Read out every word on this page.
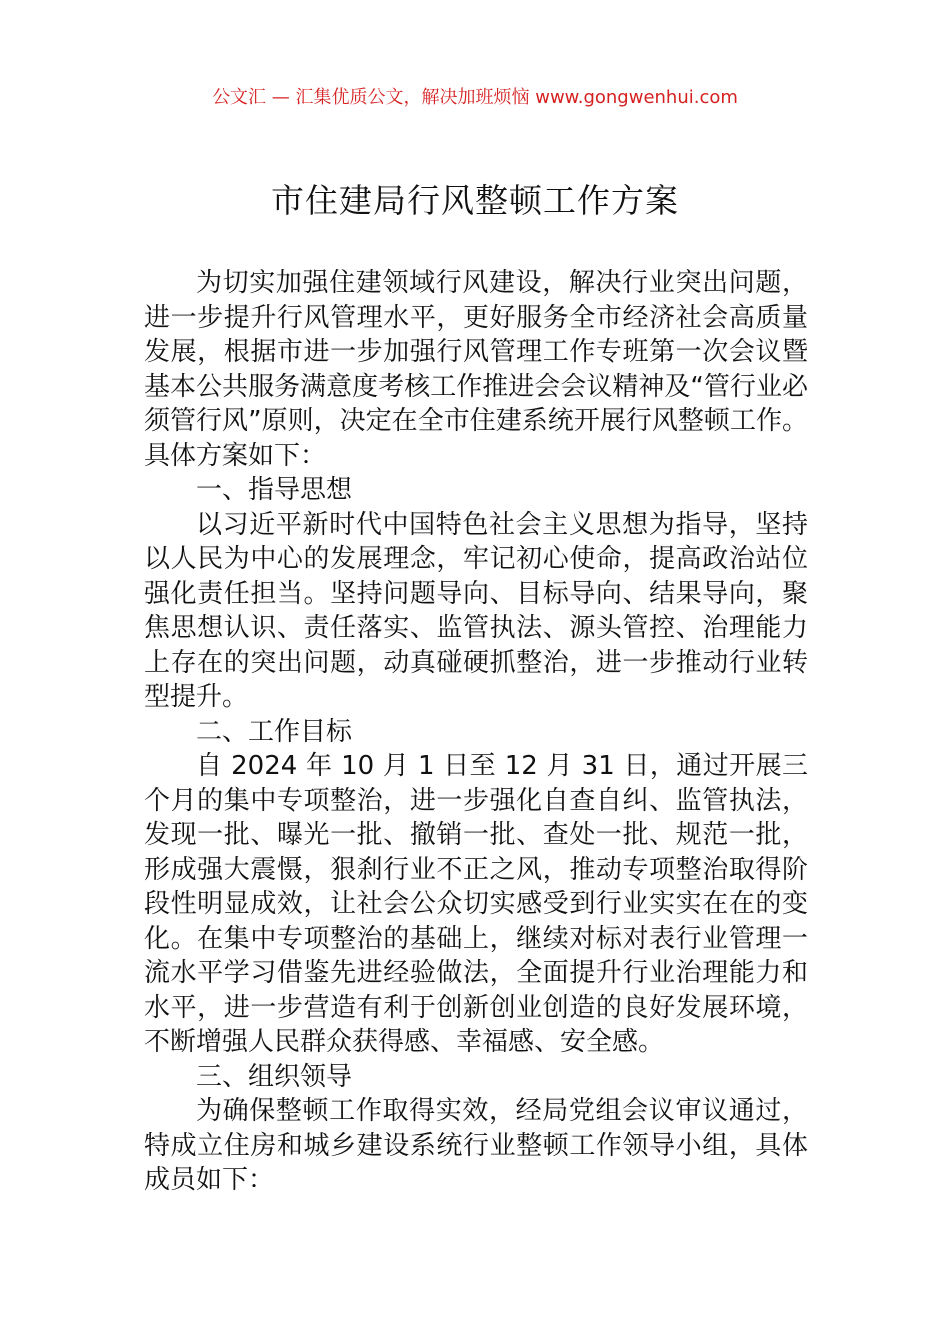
公文汇 — 汇集优质公文，解决加班烦恼 www.gongwenhui.com
市住建局行风整顿工作方案

为切实加强住建领域行风建设，解决行业突出问题，进一步提升行风管理水平，更好服务全市经济社会高质量发展，根据市进一步加强行风管理工作专班第一次会议暨基本公共服务满意度考核工作推进会会议精神及“管行业必须管行风”原则，决定在全市住建系统开展行风整顿工作。具体方案如下：

一、指导思想

以习近平新时代中国特色社会主义思想为指导，坚持以人民为中心的发展理念，牢记初心使命，提高政治站位强化责任担当。坚持问题导向、目标导向、结果导向，聚焦思想认识、责任落实、监管执法、源头管控、治理能力上存在的突出问题，动真碰硬抓整治，进一步推动行业转型提升。

二、工作目标

自 2024 年 10 月 1 日至 12 月 31 日，通过开展三个月的集中专项整治，进一步强化自查自纠、监管执法，发现一批、曝光一批、撤销一批、查处一批、规范一批，形成强大震慑，狠刹行业不正之风，推动专项整治取得阶段性明显成效，让社会公众切实感受到行业实实在在的变化。在集中专项整治的基础上，继续对标对表行业管理一流水平学习借鉴先进经验做法，全面提升行业治理能力和水平，进一步营造有利于创新创业创造的良好发展环境，不断增强人民群众获得感、幸福感、安全感。

三、组织领导

为确保整顿工作取得实效，经局党组会议审议通过，特成立住房和城乡建设系统行业整顿工作领导小组，具体成员如下：
